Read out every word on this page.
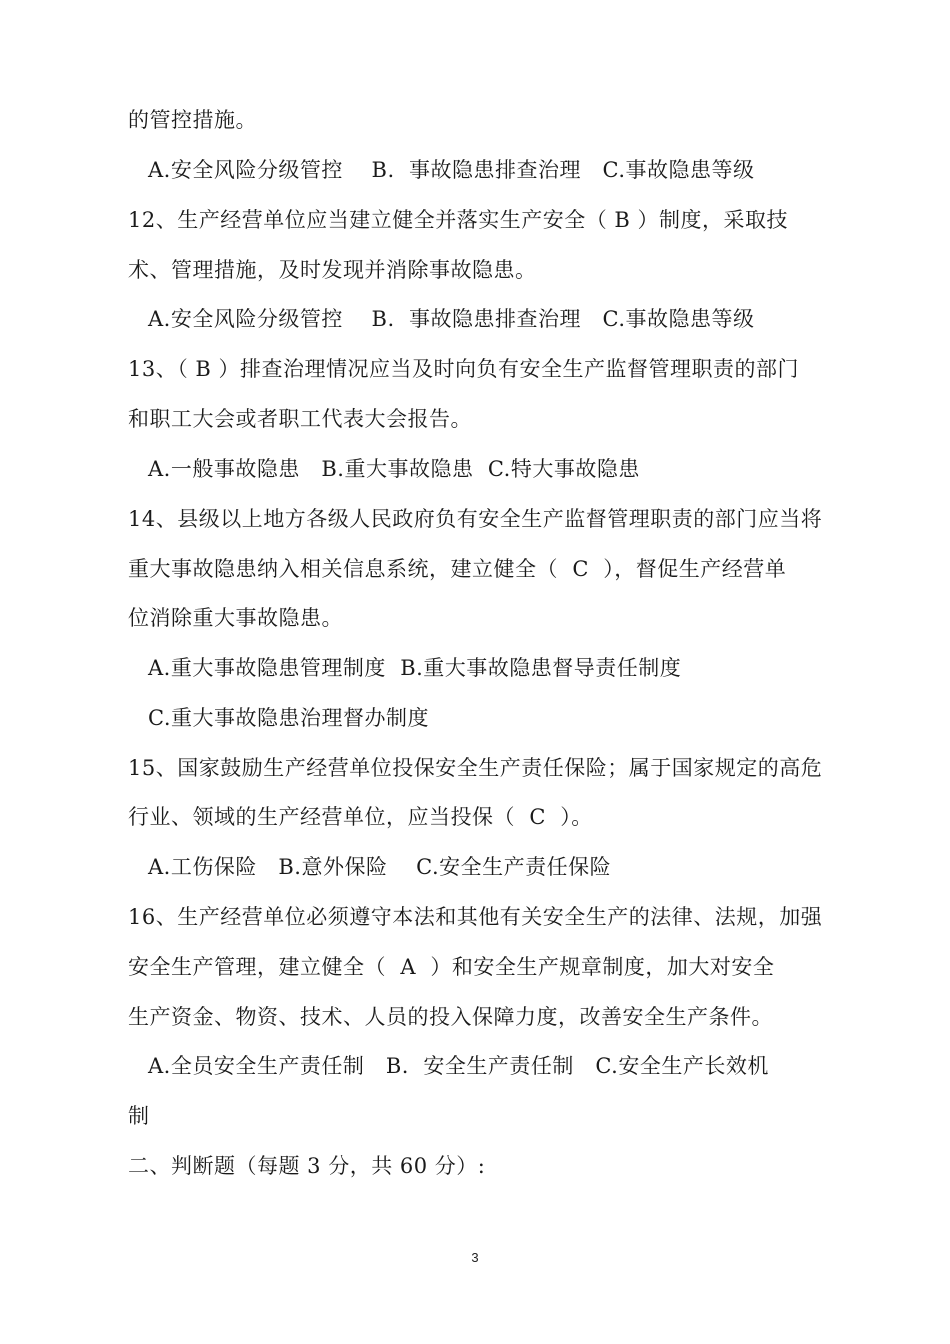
的管控措施。
A.安全风险分级管控    B.  事故隐患排查治理   C.事故隐患等级
12、生产经营单位应当建立健全并落实生产安全（ B ）制度，采取技
术、管理措施，及时发现并消除事故隐患。
A.安全风险分级管控    B.  事故隐患排查治理   C.事故隐患等级
13、（ B ）排查治理情况应当及时向负有安全生产监督管理职责的部门
和职工大会或者职工代表大会报告。
A.一般事故隐患   B.重大事故隐患  C.特大事故隐患
14、县级以上地方各级人民政府负有安全生产监督管理职责的部门应当将
重大事故隐患纳入相关信息系统，建立健全（  C  ），督促生产经营单
位消除重大事故隐患。
A.重大事故隐患管理制度  B.重大事故隐患督导责任制度
C.重大事故隐患治理督办制度
15、国家鼓励生产经营单位投保安全生产责任保险；属于国家规定的高危
行业、领域的生产经营单位，应当投保（  C  ）。
A.工伤保险   B.意外保险    C.安全生产责任保险
16、生产经营单位必须遵守本法和其他有关安全生产的法律、法规，加强
安全生产管理，建立健全（  A  ）和安全生产规章制度，加大对安全
生产资金、物资、技术、人员的投入保障力度，改善安全生产条件。
A.全员安全生产责任制   B.  安全生产责任制   C.安全生产长效机
制
二、判断题（每题 3 分，共 60 分）:
3
